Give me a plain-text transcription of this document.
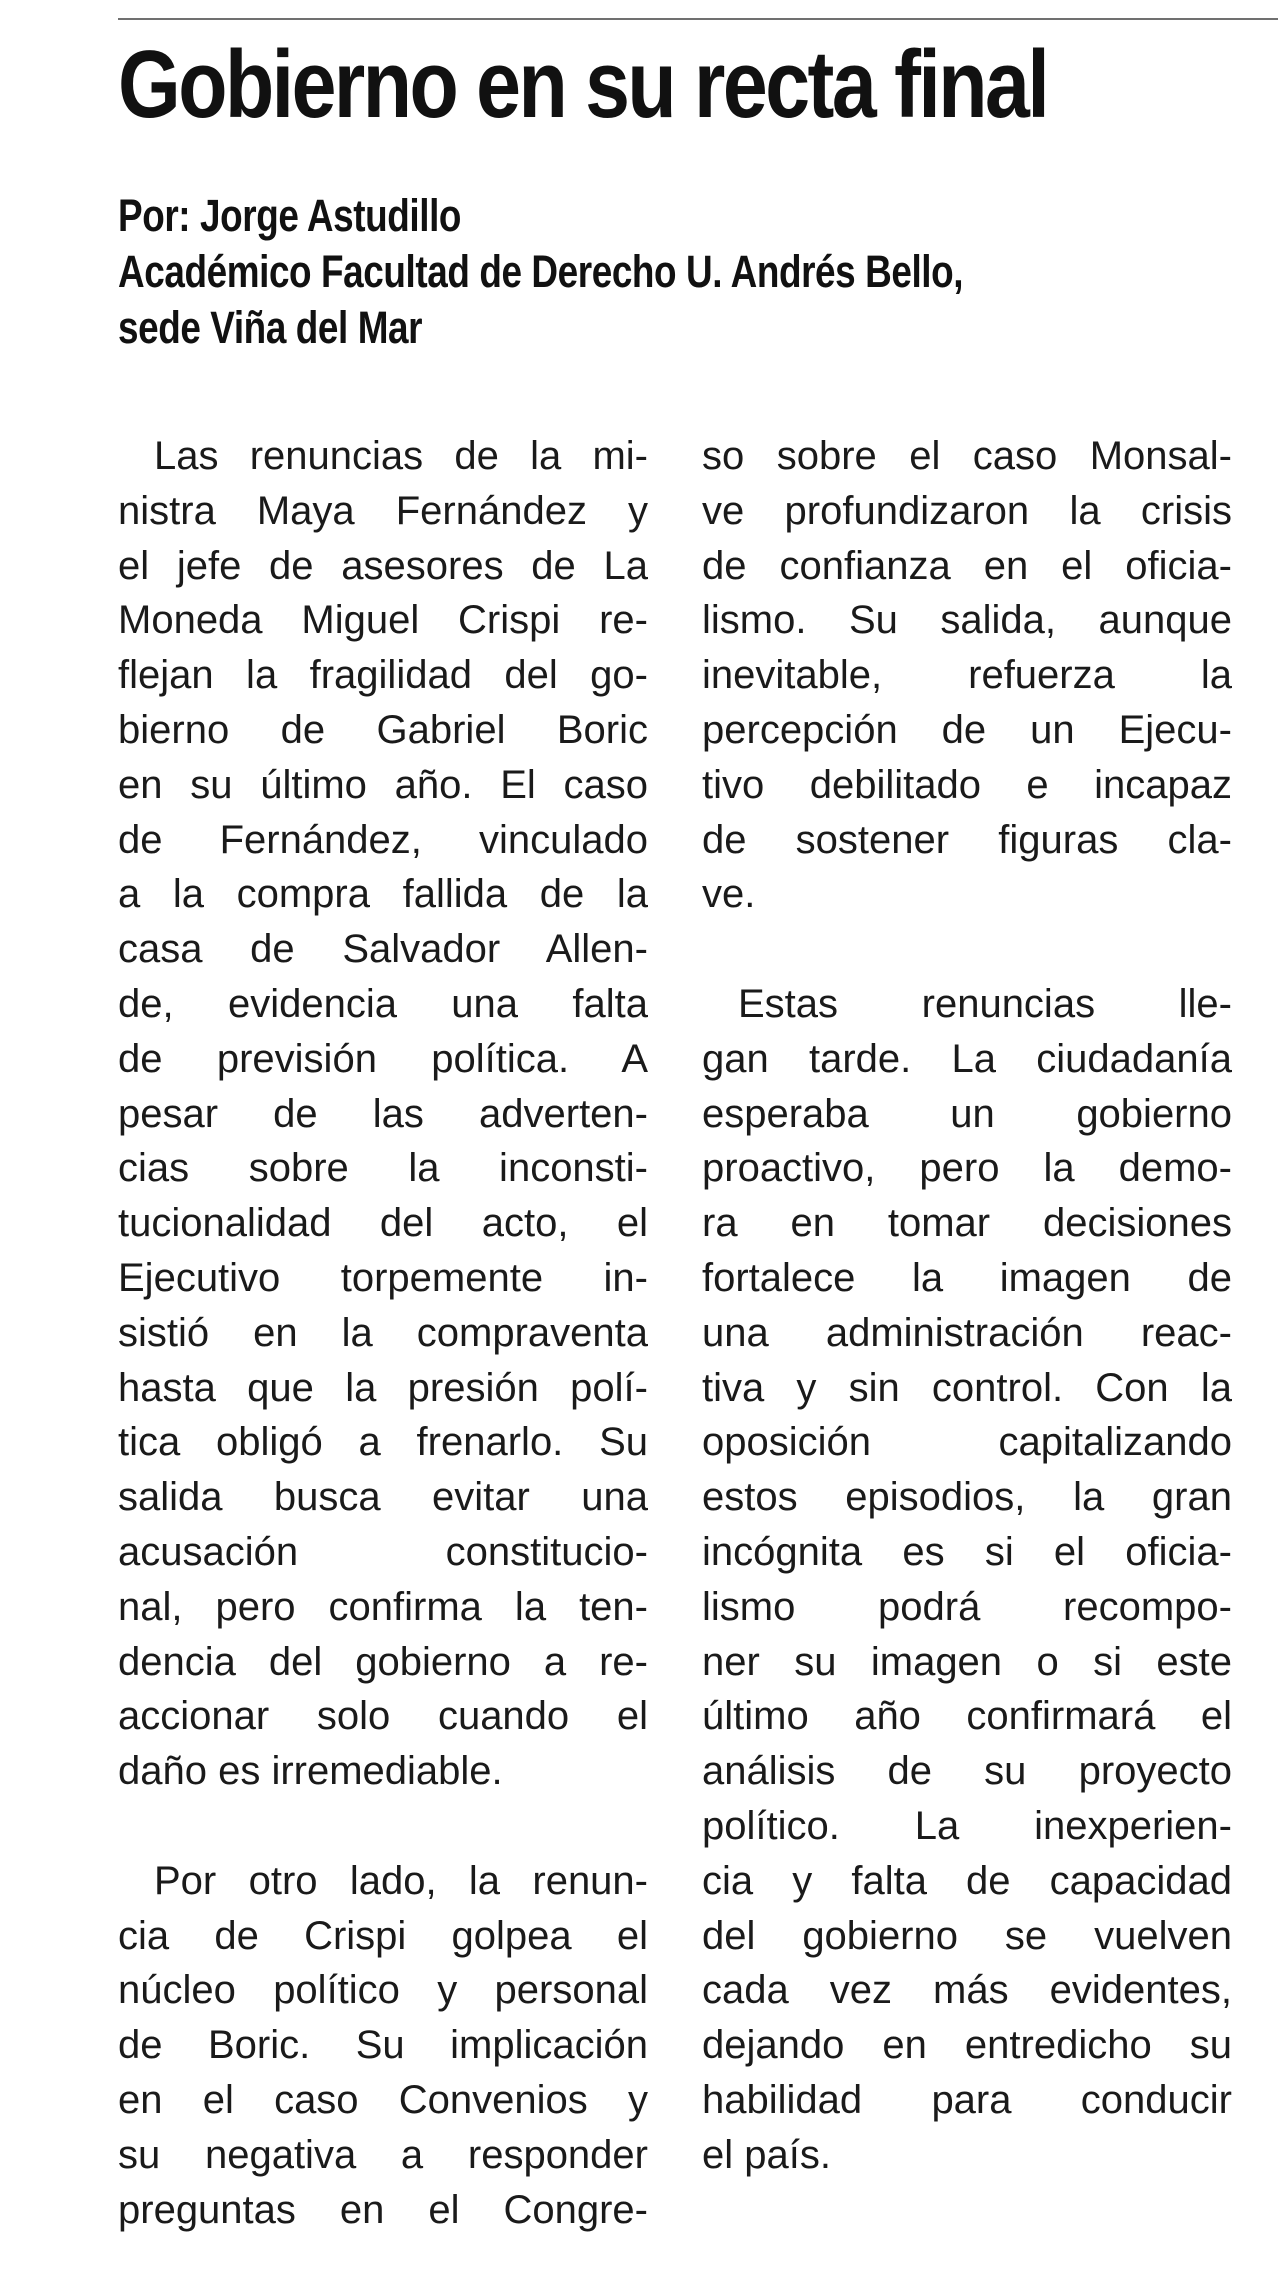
Gobierno en su recta final
Por: Jorge Astudillo
Académico Facultad de Derecho U. Andrés Bello,
sede Viña del Mar

Las renuncias de la mi-
nistra Maya Fernández y
el jefe de asesores de La
Moneda Miguel Crispi re-
flejan la fragilidad del go-
bierno de Gabriel Boric
en su último año. El caso
de Fernández, vinculado
a la compra fallida de la
casa de Salvador Allen-
de, evidencia una falta
de previsión política. A
pesar de las adverten-
cias sobre la inconsti-
tucionalidad del acto, el
Ejecutivo torpemente in-
sistió en la compraventa
hasta que la presión polí-
tica obligó a frenarlo. Su
salida busca evitar una
acusación constitucio-
nal, pero confirma la ten-
dencia del gobierno a re-
accionar solo cuando el
daño es irremediable.

Por otro lado, la renun-
cia de Crispi golpea el
núcleo político y personal
de Boric. Su implicación
en el caso Convenios y
su negativa a responder
preguntas en el Congre-

so sobre el caso Monsal-
ve profundizaron la crisis
de confianza en el oficia-
lismo. Su salida, aunque
inevitable, refuerza la
percepción de un Ejecu-
tivo debilitado e incapaz
de sostener figuras cla-
ve.

Estas renuncias lle-
gan tarde. La ciudadanía
esperaba un gobierno
proactivo, pero la demo-
ra en tomar decisiones
fortalece la imagen de
una administración reac-
tiva y sin control. Con la
oposición capitalizando
estos episodios, la gran
incógnita es si el oficia-
lismo podrá recompo-
ner su imagen o si este
último año confirmará el
análisis de su proyecto
político. La inexperien-
cia y falta de capacidad
del gobierno se vuelven
cada vez más evidentes,
dejando en entredicho su
habilidad para conducir
el país.
